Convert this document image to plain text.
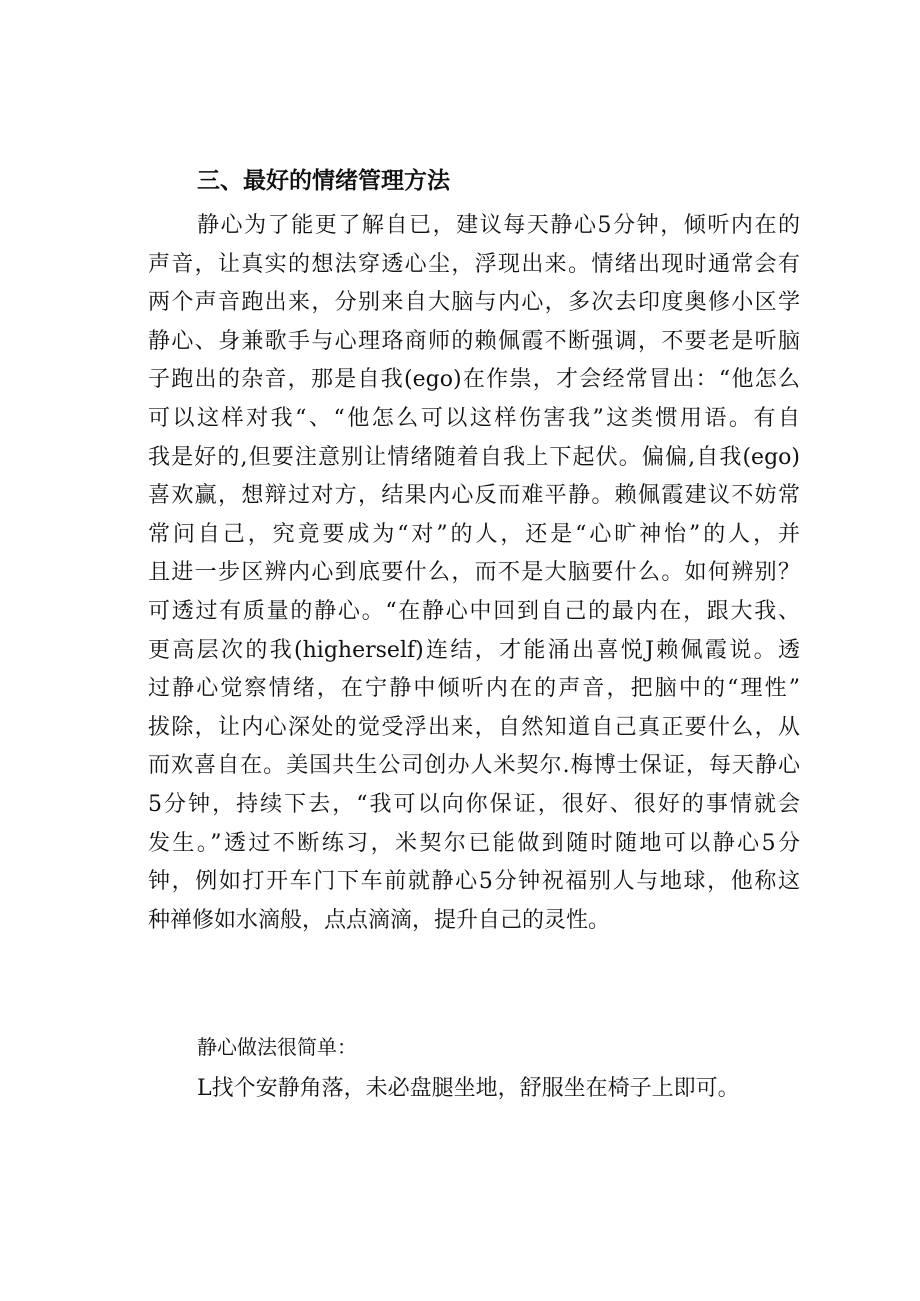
三、最好的情绪管理方法
静心为了能更了解自已，建议每天静心5分钟，倾听内在的
声音，让真实的想法穿透心尘，浮现出来。情绪出现时通常会有
两个声音跑出来，分别来自大脑与内心，多次去印度奥修小区学
静心、身兼歌手与心理珞商师的赖佩霞不断强调，不要老是听脑
子跑出的杂音，那是自我(ego)在作祟，才会经常冒出：“他怎么
可以这样对我“、“他怎么可以这样伤害我”这类惯用语。有自
我是好的,但要注意别让情绪随着自我上下起伏。偏偏,自我(ego)
喜欢赢，想辩过对方，结果内心反而难平静。赖佩霞建议不妨常
常问自己，究竟要成为“对”的人，还是“心旷神怡”的人，并
且进一步区辨内心到底要什么，而不是大脑要什么。如何辨别？
可透过有质量的静心。“在静心中回到自己的最内在，跟大我、
更高层次的我(higherself)连结，才能涌出喜悦J赖佩霞说。透
过静心觉察情绪，在宁静中倾听内在的声音，把脑中的“理性”
拔除，让内心深处的觉受浮出来，自然知道自己真正要什么，从
而欢喜自在。美国共生公司创办人米契尔.梅博士保证，每天静心
5分钟，持续下去，“我可以向你保证，很好、很好的事情就会
发生。”透过不断练习，米契尔已能做到随时随地可以静心5分
钟，例如打开车门下车前就静心5分钟祝福别人与地球，他称这
种禅修如水滴般，点点滴滴，提升自己的灵性。
静心做法很简单：
L找个安静角落，未必盘腿坐地，舒服坐在椅子上即可。
